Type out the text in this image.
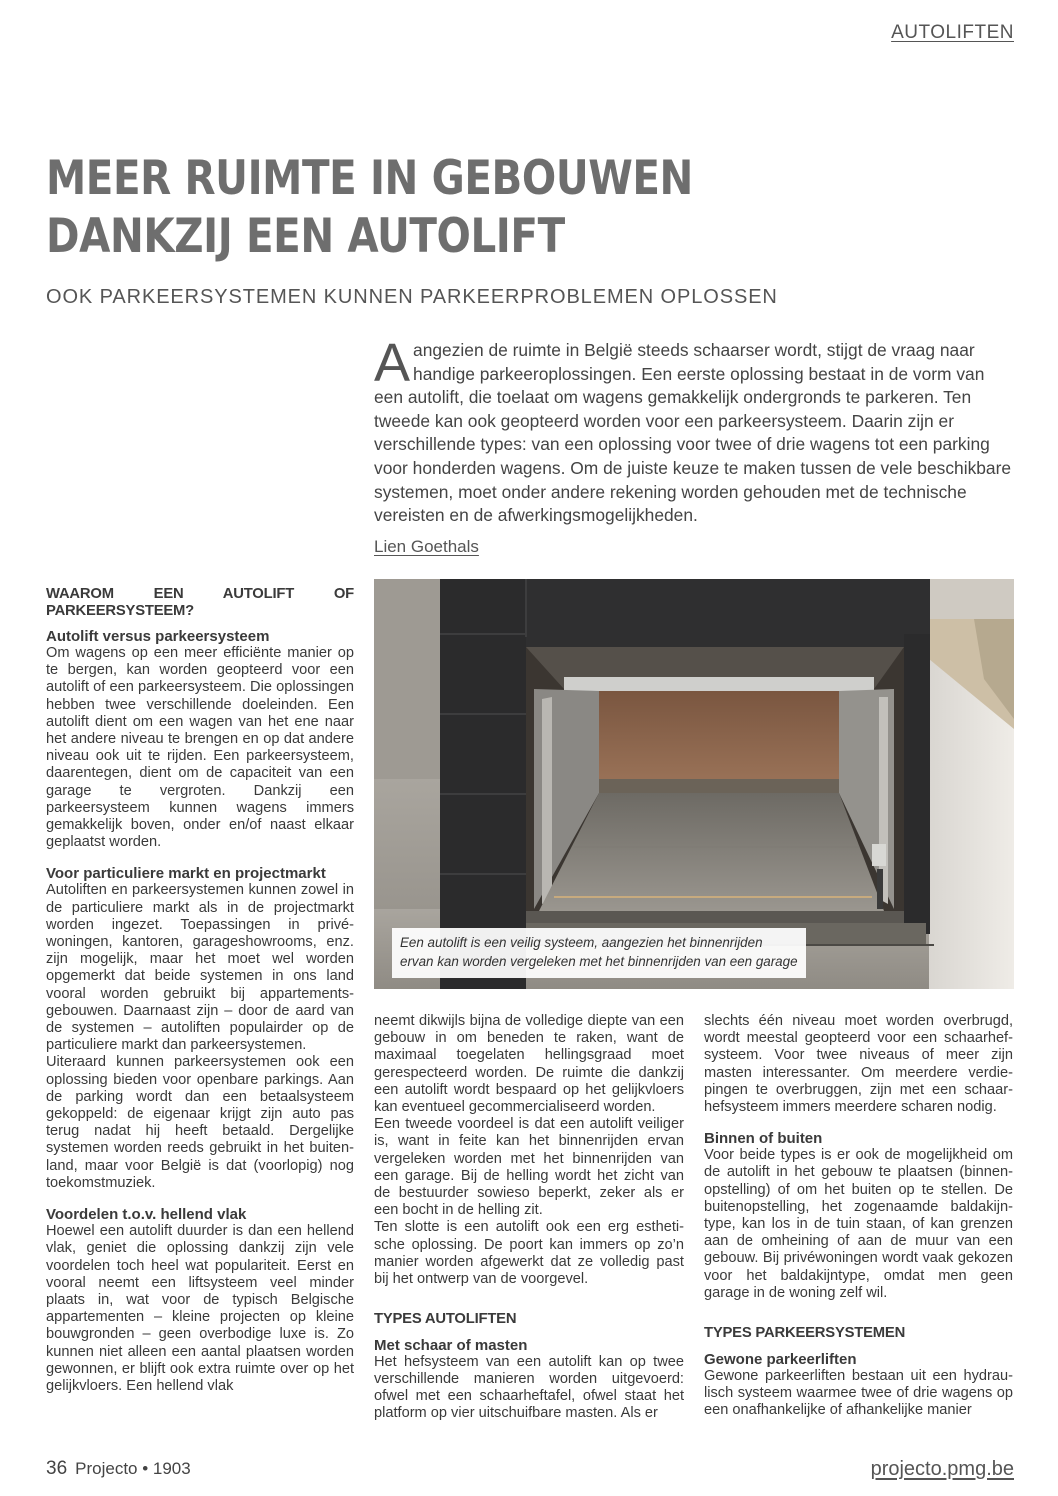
AUTOLIFTEN
MEER RUIMTE IN GEBOUWEN
DANKZIJ EEN AUTOLIFT
OOK PARKEERSYSTEMEN KUNNEN PARKEERPROBLEMEN OPLOSSEN

Aangezien de ruimte in België steeds schaarser wordt, stijgt de vraag naar handige parkeeroplossingen. Een eerste oplossing bestaat in de vorm van een autolift, die toelaat om wagens gemakkelijk ondergronds te parkeren. Ten tweede kan ook geopteerd worden voor een parkeersysteem. Daarin zijn er verschillende types: van een oplossing voor twee of drie wagens tot een parking voor honderden wagens. Om de juiste keuze te maken tussen de vele beschikbare systemen, moet onder andere rekening worden gehouden met de technische vereisten en de afwerkingsmogelijkheden.

Lien Goethals
Een autolift is een veilig systeem, aangezien het binnenrijden ervan kan worden vergeleken met het binnenrijden van een garage
WAAROM EEN AUTOLIFT OF PARKEERSYSTEEM?
Autolift versus parkeersysteem

Om wagens op een meer efficiënte manier op te bergen, kan worden geopteerd voor een autolift of een parkeersysteem. Die oplossingen hebben twee verschillende doeleinden. Een autolift dient om een wagen van het ene naar het andere niveau te brengen en op dat andere niveau ook uit te rijden. Een parkeersysteem, daarentegen, dient om de capaciteit van een garage te vergroten. Dankzij een parkeersysteem kunnen wagens immers gemakkelijk boven, onder en/of naast elkaar geplaatst worden.

Voor particuliere markt en projectmarkt

Autoliften en parkeersystemen kunnen zowel in de particuliere markt als in de projectmarkt worden ingezet. Toepassingen in privéwoningen, kantoren, garageshowrooms, enz. zijn mogelijk, maar het moet wel worden opgemerkt dat beide systemen in ons land vooral worden gebruikt bij appartementsgebouwen. Daarnaast zijn – door de aard van de systemen – autoliften populairder op de particuliere markt dan parkeersystemen.

Uiteraard kunnen parkeersystemen ook een oplossing bieden voor openbare parkings. Aan de parking wordt dan een betaalsysteem gekoppeld: de eigenaar krijgt zijn auto pas terug nadat hij heeft betaald. Dergelijke systemen worden reeds gebruikt in het buitenland, maar voor België is dat (voorlopig) nog toekomstmuziek.

Voordelen t.o.v. hellend vlak

Hoewel een autolift duurder is dan een hellend vlak, geniet die oplossing dankzij zijn vele voordelen toch heel wat populariteit. Eerst en vooral neemt een liftsysteem veel minder plaats in, wat voor de typisch Belgische appartementen – kleine projecten op kleine bouwgronden – geen overbodige luxe is. Zo kunnen niet alleen een aantal plaatsen worden gewonnen, er blijft ook extra ruimte over op het gelijkvloers. Een hellend vlak

neemt dikwijls bijna de volledige diepte van een gebouw in om beneden te raken, want de maximaal toegelaten hellingsgraad moet gerespecteerd worden. De ruimte die dankzij een autolift wordt bespaard op het gelijkvloers kan eventueel gecommercialiseerd worden.

Een tweede voordeel is dat een autolift veiliger is, want in feite kan het binnenrijden ervan vergeleken worden met het binnenrijden van een garage. Bij de helling wordt het zicht van de bestuurder sowieso beperkt, zeker als er een bocht in de helling zit.

Ten slotte is een autolift ook een erg esthetische oplossing. De poort kan immers op zo’n manier worden afgewerkt dat ze volledig past bij het ontwerp van de voorgevel.

TYPES AUTOLIFTEN
Met schaar of masten

Het hefsysteem van een autolift kan op twee verschillende manieren worden uitgevoerd: ofwel met een schaarheftafel, ofwel staat het platform op vier uitschuifbare masten. Als er

slechts één niveau moet worden overbrugd, wordt meestal geopteerd voor een schaarhefsysteem. Voor twee niveaus of meer zijn masten interessanter. Om meerdere verdiepingen te overbruggen, zijn met een schaarhefsysteem immers meerdere scharen nodig.

Binnen of buiten

Voor beide types is er ook de mogelijkheid om de autolift in het gebouw te plaatsen (binnenopstelling) of om het buiten op te stellen. De buitenopstelling, het zogenaamde baldakijntype, kan los in de tuin staan, of kan grenzen aan de omheining of aan de muur van een gebouw. Bij privéwoningen wordt vaak gekozen voor het baldakijntype, omdat men geen garage in de woning zelf wil.

TYPES PARKEERSYSTEMEN
Gewone parkeerliften

Gewone parkeerliften bestaan uit een hydraulisch systeem waarmee twee of drie wagens op een onafhankelijke of afhankelijke manier

36 Projecto • 1903	projecto.pmg.be
